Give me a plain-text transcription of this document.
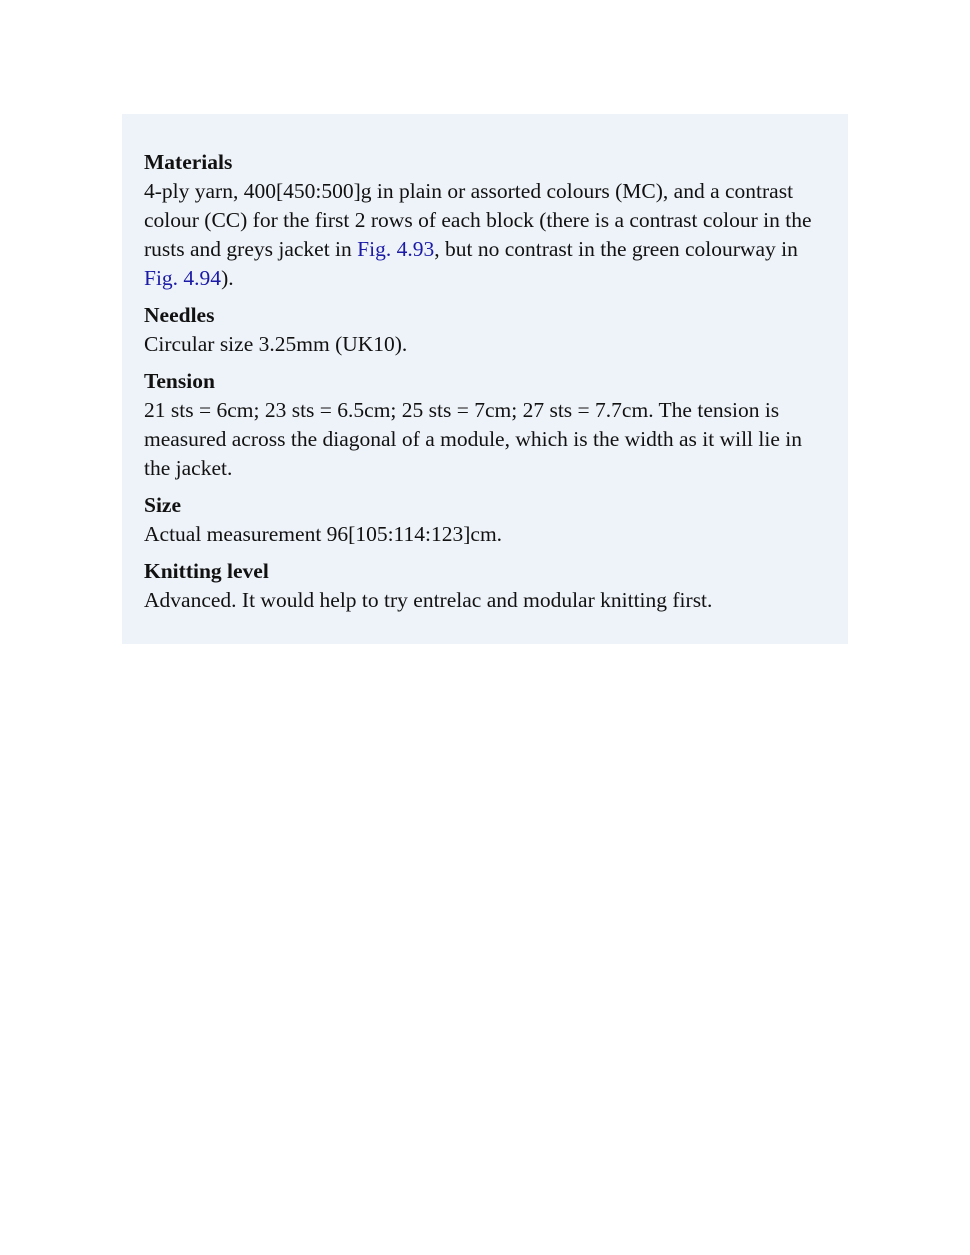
Materials

4-ply yarn, 400[450:500]g in plain or assorted colours (MC), and a contrast colour (CC) for the first 2 rows of each block (there is a contrast colour in the rusts and greys jacket in Fig. 4.93, but no contrast in the green colourway in Fig. 4.94).

Needles

Circular size 3.25mm (UK10).

Tension

21 sts = 6cm; 23 sts = 6.5cm; 25 sts = 7cm; 27 sts = 7.7cm. The tension is measured across the diagonal of a module, which is the width as it will lie in the jacket.

Size

Actual measurement 96[105:114:123]cm.

Knitting level

Advanced. It would help to try entrelac and modular knitting first.
